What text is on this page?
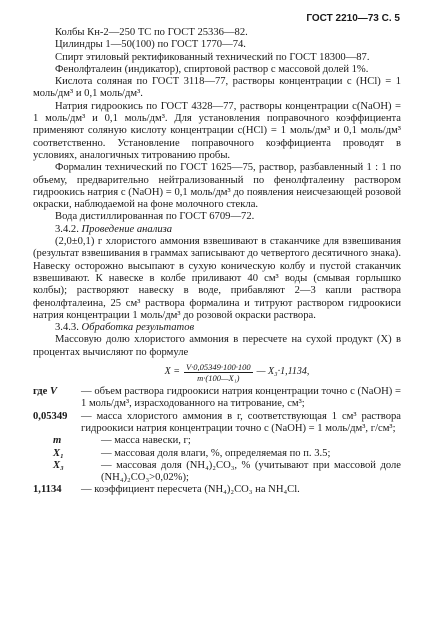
ГОСТ 2210—73 С. 5

Колбы Кн-2—250 ТС по ГОСТ 25336—82.

Цилиндры 1—50(100) по ГОСТ 1770—74.

Спирт этиловый ректификованный технический по ГОСТ 18300—87.

Фенолфталеин (индикатор), спиртовой раствор с массовой долей 1%.

Кислота соляная по ГОСТ 3118—77, растворы концентрации c (HCl) = 1 моль/дм³ и 0,1 моль/дм³.

Натрия гидроокись по ГОСТ 4328—77, растворы концентрации c(NaOH) = 1 моль/дм³ и 0,1 моль/дм³. Для установления поправочного коэффициента применяют соляную кислоту концентрации c(HCl) = 1 моль/дм³ и 0,1 моль/дм³ соответственно. Установление поправочного коэффициента проводят в условиях, аналогичных титрованию пробы.

Формалин технический по ГОСТ 1625—75, раствор, разбавленный 1 : 1 по объему, предварительно нейтрализованный по фенолфталеину раствором гидроокись натрия c (NaOH) = 0,1 моль/дм³ до появления неисчезающей розовой окраски, наблюдаемой на фоне молочного стекла.

Вода дистиллированная по ГОСТ 6709—72.

3.4.2. Проведение анализа

(2,0±0,1) г хлористого аммония взвешивают в стаканчике для взвешивания (результат взвешивания в граммах записывают до четвертого десятичного знака). Навеску осторожно высыпают в сухую коническую колбу и пустой стаканчик взвешивают. К навеске в колбе приливают 40 см³ воды (смывая горлышко колбы); растворяют навеску в воде, прибавляют 2—3 капли раствора фенолфталеина, 25 см³ раствора формалина и титруют раствором гидроокиси натрия концентрации 1 моль/дм³ до розовой окраски раствора.

3.4.3. Обработка результатов

Массовую долю хлористого аммония в пересчете на сухой продукт (X) в процентах вычисляют по формуле

$X = \frac{V\cdot 0,05349\cdot 100\cdot 100}{\text{m·(100—X₁)}}$ — X₃·1,1134,
где V	— объем раствора гидроокиси натрия концентрации точно c (NaOH) = 1 моль/дм³, израсходованного на титрование, см³;
0,05349	— масса хлористого аммония в г, соответствующая 1 см³ раствора гидроокиси натрия концентрации точно c (NaOH) = 1 моль/дм³, г/см³;
m	— масса навески, г;
X₁	— массовая доля влаги, %, определяемая по п. 3.5;
X₃	— массовая доля (NH₄)₂CO₃, % (учитывают при массовой доле (NH₄)₂CO₃>0,02%);
1,1134	— коэффициент пересчета (NH₄)₂CO₃ на NH₄Cl.
